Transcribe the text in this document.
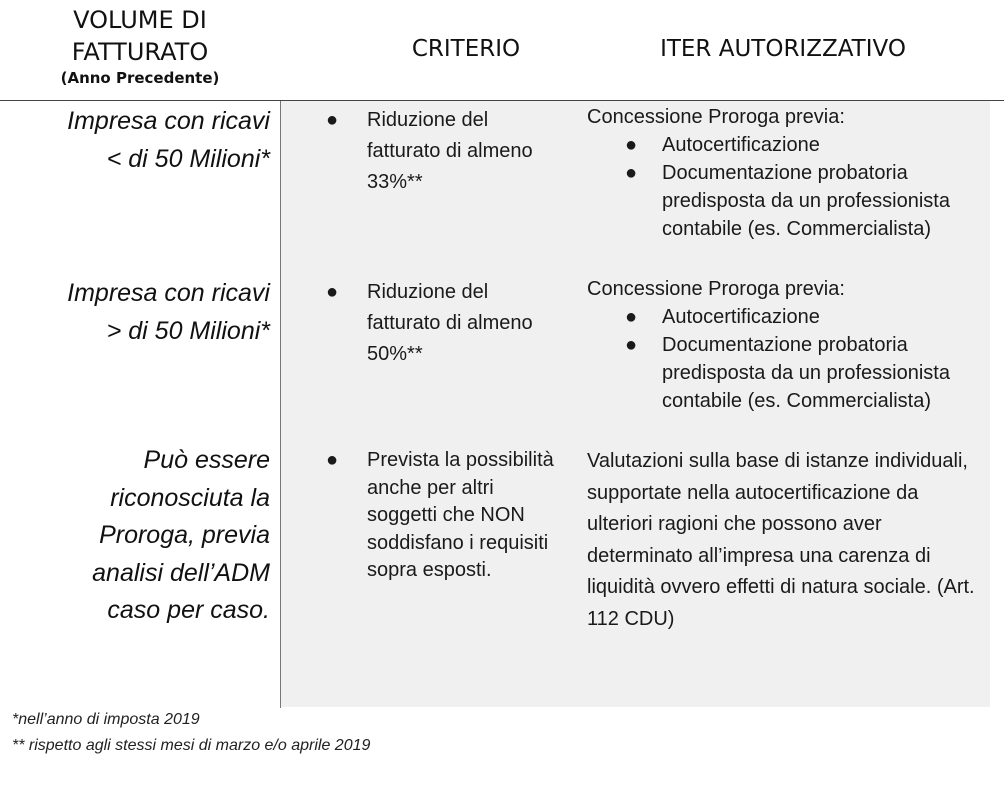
VOLUME DI
FATTURATO
(Anno Precedente)
CRITERIO	ITER AUTORIZZATIVO
Impresa con ricavi < di 50 Milioni*
● Riduzione del fatturato di almeno 33%**
Concessione Proroga previa:
● Autocertificazione
● Documentazione probatoria predisposta da un professionista contabile (es. Commercialista)
Impresa con ricavi > di 50 Milioni*
● Riduzione del fatturato di almeno 50%**
Concessione Proroga previa:
● Autocertificazione
● Documentazione probatoria predisposta da un professionista contabile (es. Commercialista)
Può essere riconosciuta la Proroga, previa analisi dell’ADM caso per caso.
● Prevista la possibilità anche per altri soggetti che NON soddisfano i requisiti sopra esposti.
Valutazioni sulla base di istanze individuali, supportate nella autocertificazione da ulteriori ragioni che possono aver determinato all’impresa una carenza di liquidità ovvero effetti di natura sociale. (Art. 112 CDU)
*nell’anno di imposta 2019
** rispetto agli stessi mesi di marzo e/o aprile 2019
